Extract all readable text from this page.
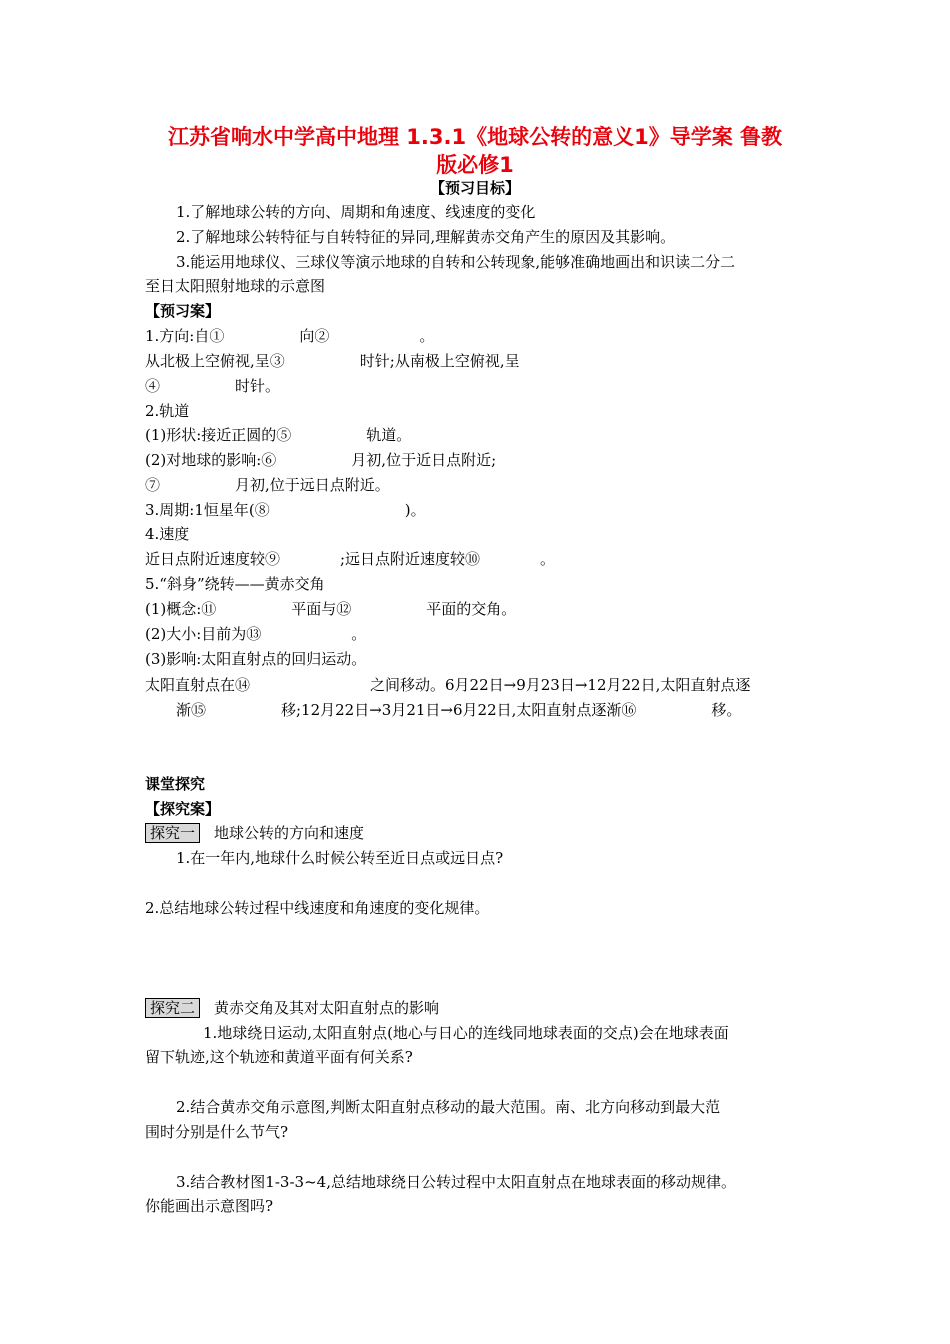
江苏省响水中学高中地理 1.3.1《地球公转的意义1》导学案 鲁教
版必修1
【预习目标】
1.了解地球公转的方向、周期和角速度、线速度的变化
2.了解地球公转特征与自转特征的异同,理解黄赤交角产生的原因及其影响。
3.能运用地球仪、三球仪等演示地球的自转和公转现象,能够准确地画出和识读二分二
至日太阳照射地球的示意图
【预习案】
1.方向:自①　　　　　向②　　　　　　。
从北极上空俯视,呈③　　　　　时针;从南极上空俯视,呈
④　　　　　时针。
2.轨道
(1)形状:接近正圆的⑤　　　　　轨道。
(2)对地球的影响:⑥　　　　　月初,位于近日点附近;
⑦　　　　　月初,位于远日点附近。
3.周期:1恒星年(⑧　　　　　　　　　)。
4.速度
近日点附近速度较⑨　　　　;远日点附近速度较⑩　　　　。
5.“斜身”绕转——黄赤交角
(1)概念:⑪　　　　　平面与⑫　　　　　平面的交角。
(2)大小:目前为⑬　　　　　　。
(3)影响:太阳直射点的回归运动。
太阳直射点在⑭　　　　　　　　之间移动。6月22日→9月23日→12月22日,太阳直射点逐
渐⑮　　　　　移;12月22日→3月21日→6月22日,太阳直射点逐渐⑯　　　　　移。
课堂探究
【探究案】
探究一 地球公转的方向和速度
1.在一年内,地球什么时候公转至近日点或远日点?
2.总结地球公转过程中线速度和角速度的变化规律。
探究二 黄赤交角及其对太阳直射点的影响
1.地球绕日运动,太阳直射点(地心与日心的连线同地球表面的交点)会在地球表面
留下轨迹,这个轨迹和黄道平面有何关系?
2.结合黄赤交角示意图,判断太阳直射点移动的最大范围。南、北方向移动到最大范
围时分别是什么节气?
3.结合教材图1-3-3~4,总结地球绕日公转过程中太阳直射点在地球表面的移动规律。
你能画出示意图吗?
